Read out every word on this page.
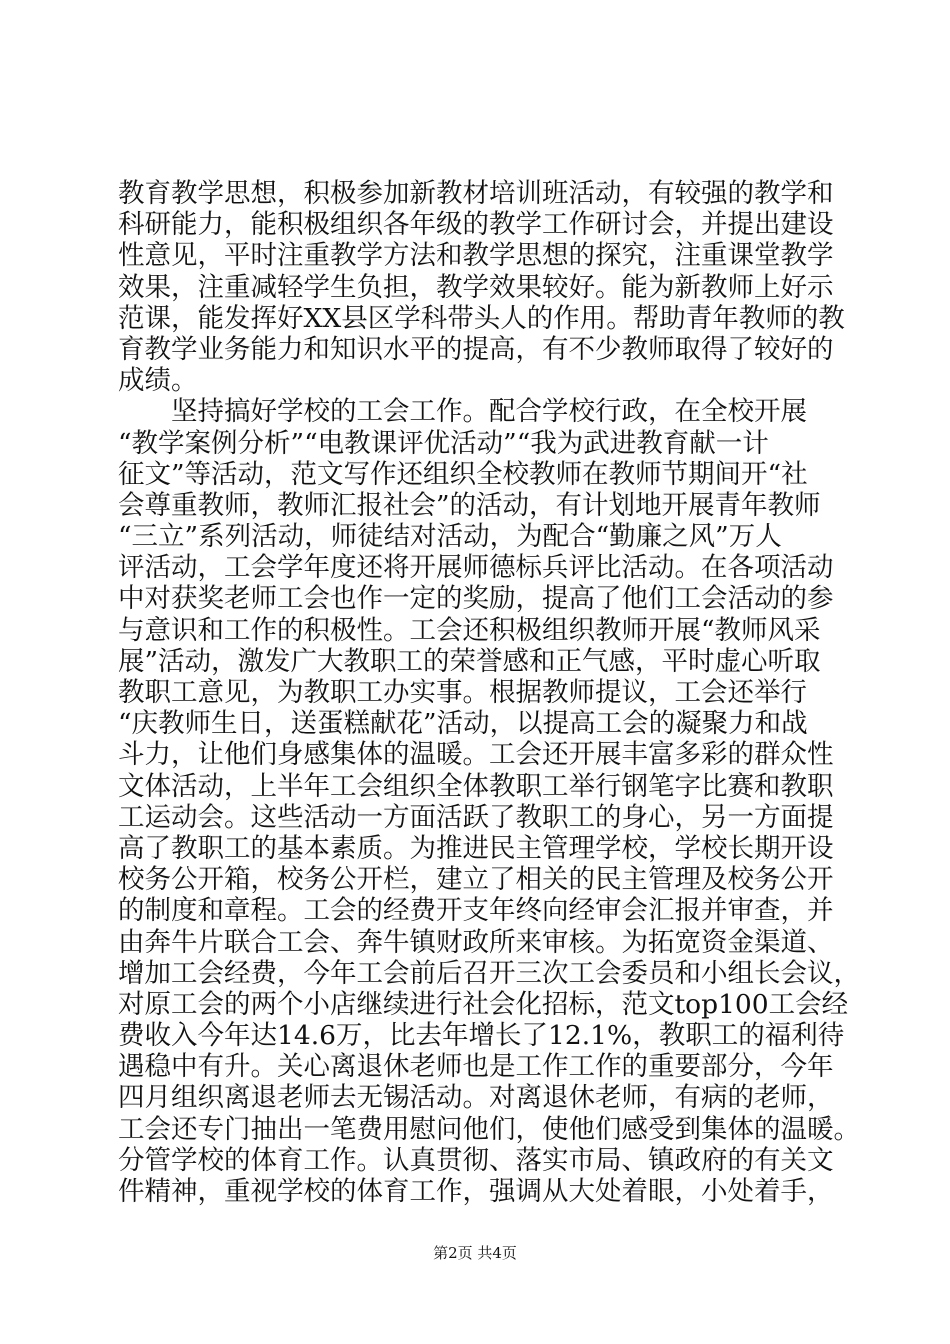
教育教学思想，积极参加新教材培训班活动，有较强的教学和
科研能力，能积极组织各年级的教学工作研讨会，并提出建设
性意见，平时注重教学方法和教学思想的探究，注重课堂教学
效果，注重减轻学生负担，教学效果较好。能为新教师上好示
范课，能发挥好XX县区学科带头人的作用。帮助青年教师的教
育教学业务能力和知识水平的提高，有不少教师取得了较好的
成绩。
　　坚持搞好学校的工会工作。配合学校行政，在全校开展
“教学案例分析”“电教课评优活动”“我为武进教育献一计
征文”等活动，范文写作还组织全校教师在教师节期间开“社
会尊重教师，教师汇报社会”的活动，有计划地开展青年教师
“三立”系列活动，师徒结对活动，为配合“勤廉之风”万人
评活动，工会学年度还将开展师德标兵评比活动。在各项活动
中对获奖老师工会也作一定的奖励，提高了他们工会活动的参
与意识和工作的积极性。工会还积极组织教师开展“教师风采
展”活动，激发广大教职工的荣誉感和正气感，平时虚心听取
教职工意见，为教职工办实事。根据教师提议，工会还举行
“庆教师生日，送蛋糕献花”活动，以提高工会的凝聚力和战
斗力，让他们身感集体的温暖。工会还开展丰富多彩的群众性
文体活动，上半年工会组织全体教职工举行钢笔字比赛和教职
工运动会。这些活动一方面活跃了教职工的身心，另一方面提
高了教职工的基本素质。为推进民主管理学校，学校长期开设
校务公开箱，校务公开栏，建立了相关的民主管理及校务公开
的制度和章程。工会的经费开支年终向经审会汇报并审查，并
由奔牛片联合工会、奔牛镇财政所来审核。为拓宽资金渠道、
增加工会经费，今年工会前后召开三次工会委员和小组长会议，
对原工会的两个小店继续进行社会化招标，范文top100工会经
费收入今年达14.6万，比去年增长了12.1%，教职工的福利待
遇稳中有升。关心离退休老师也是工作工作的重要部分，今年
四月组织离退老师去无锡活动。对离退休老师，有病的老师，
工会还专门抽出一笔费用慰问他们，使他们感受到集体的温暖。
分管学校的体育工作。认真贯彻、落实市局、镇政府的有关文
件精神，重视学校的体育工作，强调从大处着眼，小处着手，
第2页 共4页
